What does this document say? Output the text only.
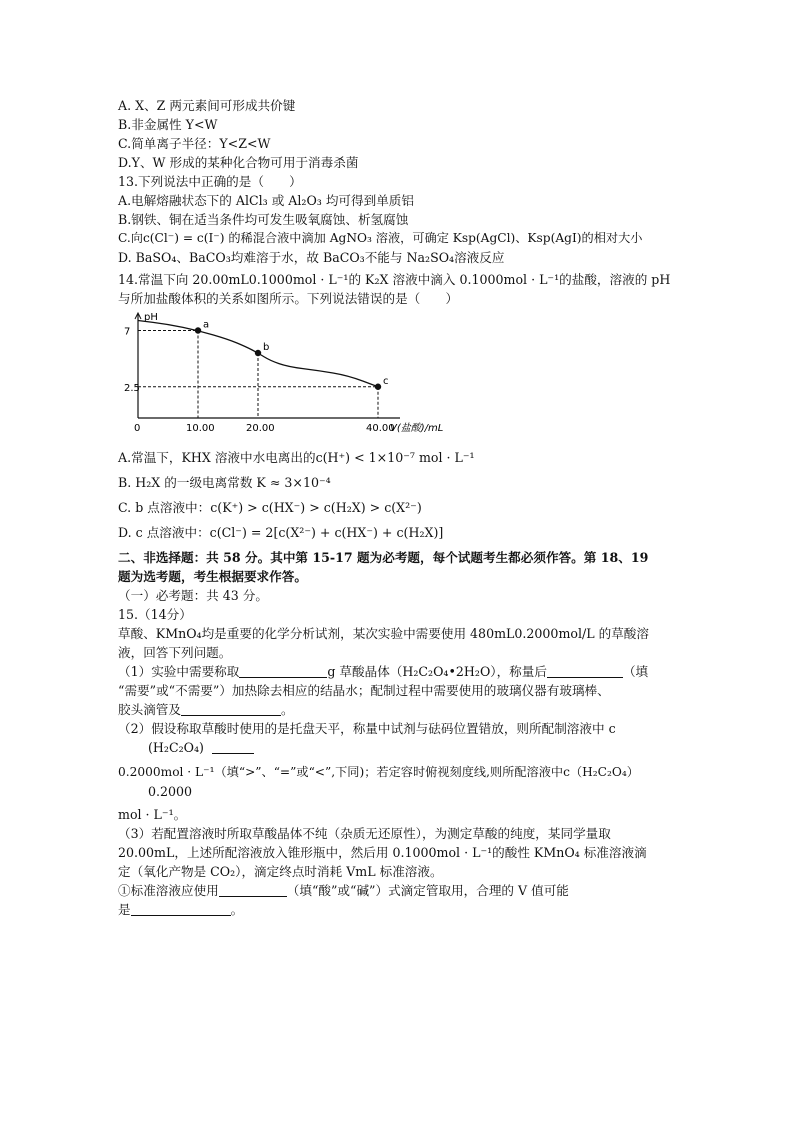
A. X、Z 两元素间可形成共价键
B.非金属性 Y<W
C.简单离子半径：Y<Z<W
D.Y、W 形成的某种化合物可用于消毒杀菌
13.下列说法中正确的是（　　）
A.电解熔融状态下的 AlCl₃ 或 Al₂O₃ 均可得到单质铝
B.钢铁、铜在适当条件均可发生吸氧腐蚀、析氢腐蚀
C.向c(Cl⁻) = c(I⁻) 的稀混合液中滴加 AgNO₃ 溶液，可确定 Ksp(AgCl)、Ksp(AgI)的相对大小
D. BaSO₄、BaCO₃均难溶于水，故 BaCO₃不能与 Na₂SO₄溶液反应
14.常温下向 20.00mL0.1000mol · L⁻¹的 K₂X 溶液中滴入 0.1000mol · L⁻¹的盐酸，溶液的 pH
与所加盐酸体积的关系如图所示。下列说法错误的是（　　）
pH
V(盐酸)/mL
7
2.5
0	10.00	20.00	40.00
a
b
c
A.常温下，KHX 溶液中水电离出的c(H⁺) < 1×10⁻⁷ mol · L⁻¹
B. H₂X 的一级电离常数 K ≈ 3×10⁻⁴
C. b 点溶液中：c(K⁺) > c(HX⁻) > c(H₂X) > c(X²⁻)
D. c 点溶液中：c(Cl⁻) = 2[c(X²⁻) + c(HX⁻) + c(H₂X)]
二、非选择题：共 58 分。其中第 15-17 题为必考题，每个试题考生都必须作答。第 18、19
题为选考题，考生根据要求作答。
（一）必考题：共 43 分。
15.（14分）
草酸、KMnO₄均是重要的化学分析试剂，某次实验中需要使用 480mL0.2000mol/L 的草酸溶
液，回答下列问题。
（1）实验中需要称取	g 草酸晶体（H₂C₂O₄•2H₂O），称量后	（填
“需要”或“不需要”）加热除去相应的结晶水；配制过程中需要使用的玻璃仪器有玻璃棒、
胶头滴管及	。
（2）假设称取草酸时使用的是托盘天平，称量中试剂与砝码位置错放，则所配制溶液中 c
(H₂C₂O₄)
0.2000mol · L⁻¹（填“>”、“=”或“<”,下同)；若定容时俯视刻度线,则所配溶液中c（H₂C₂O₄）
0.2000
mol · L⁻¹。
（3）若配置溶液时所取草酸晶体不纯（杂质无还原性），为测定草酸的纯度，某同学量取
20.00mL，上述所配溶液放入锥形瓶中，然后用 0.1000mol · L⁻¹的酸性 KMnO₄ 标准溶液滴
定（氧化产物是 CO₂），滴定终点时消耗 VmL 标准溶液。
①标准溶液应使用	（填“酸”或“碱”）式滴定管取用，合理的 V 值可能
是	。
